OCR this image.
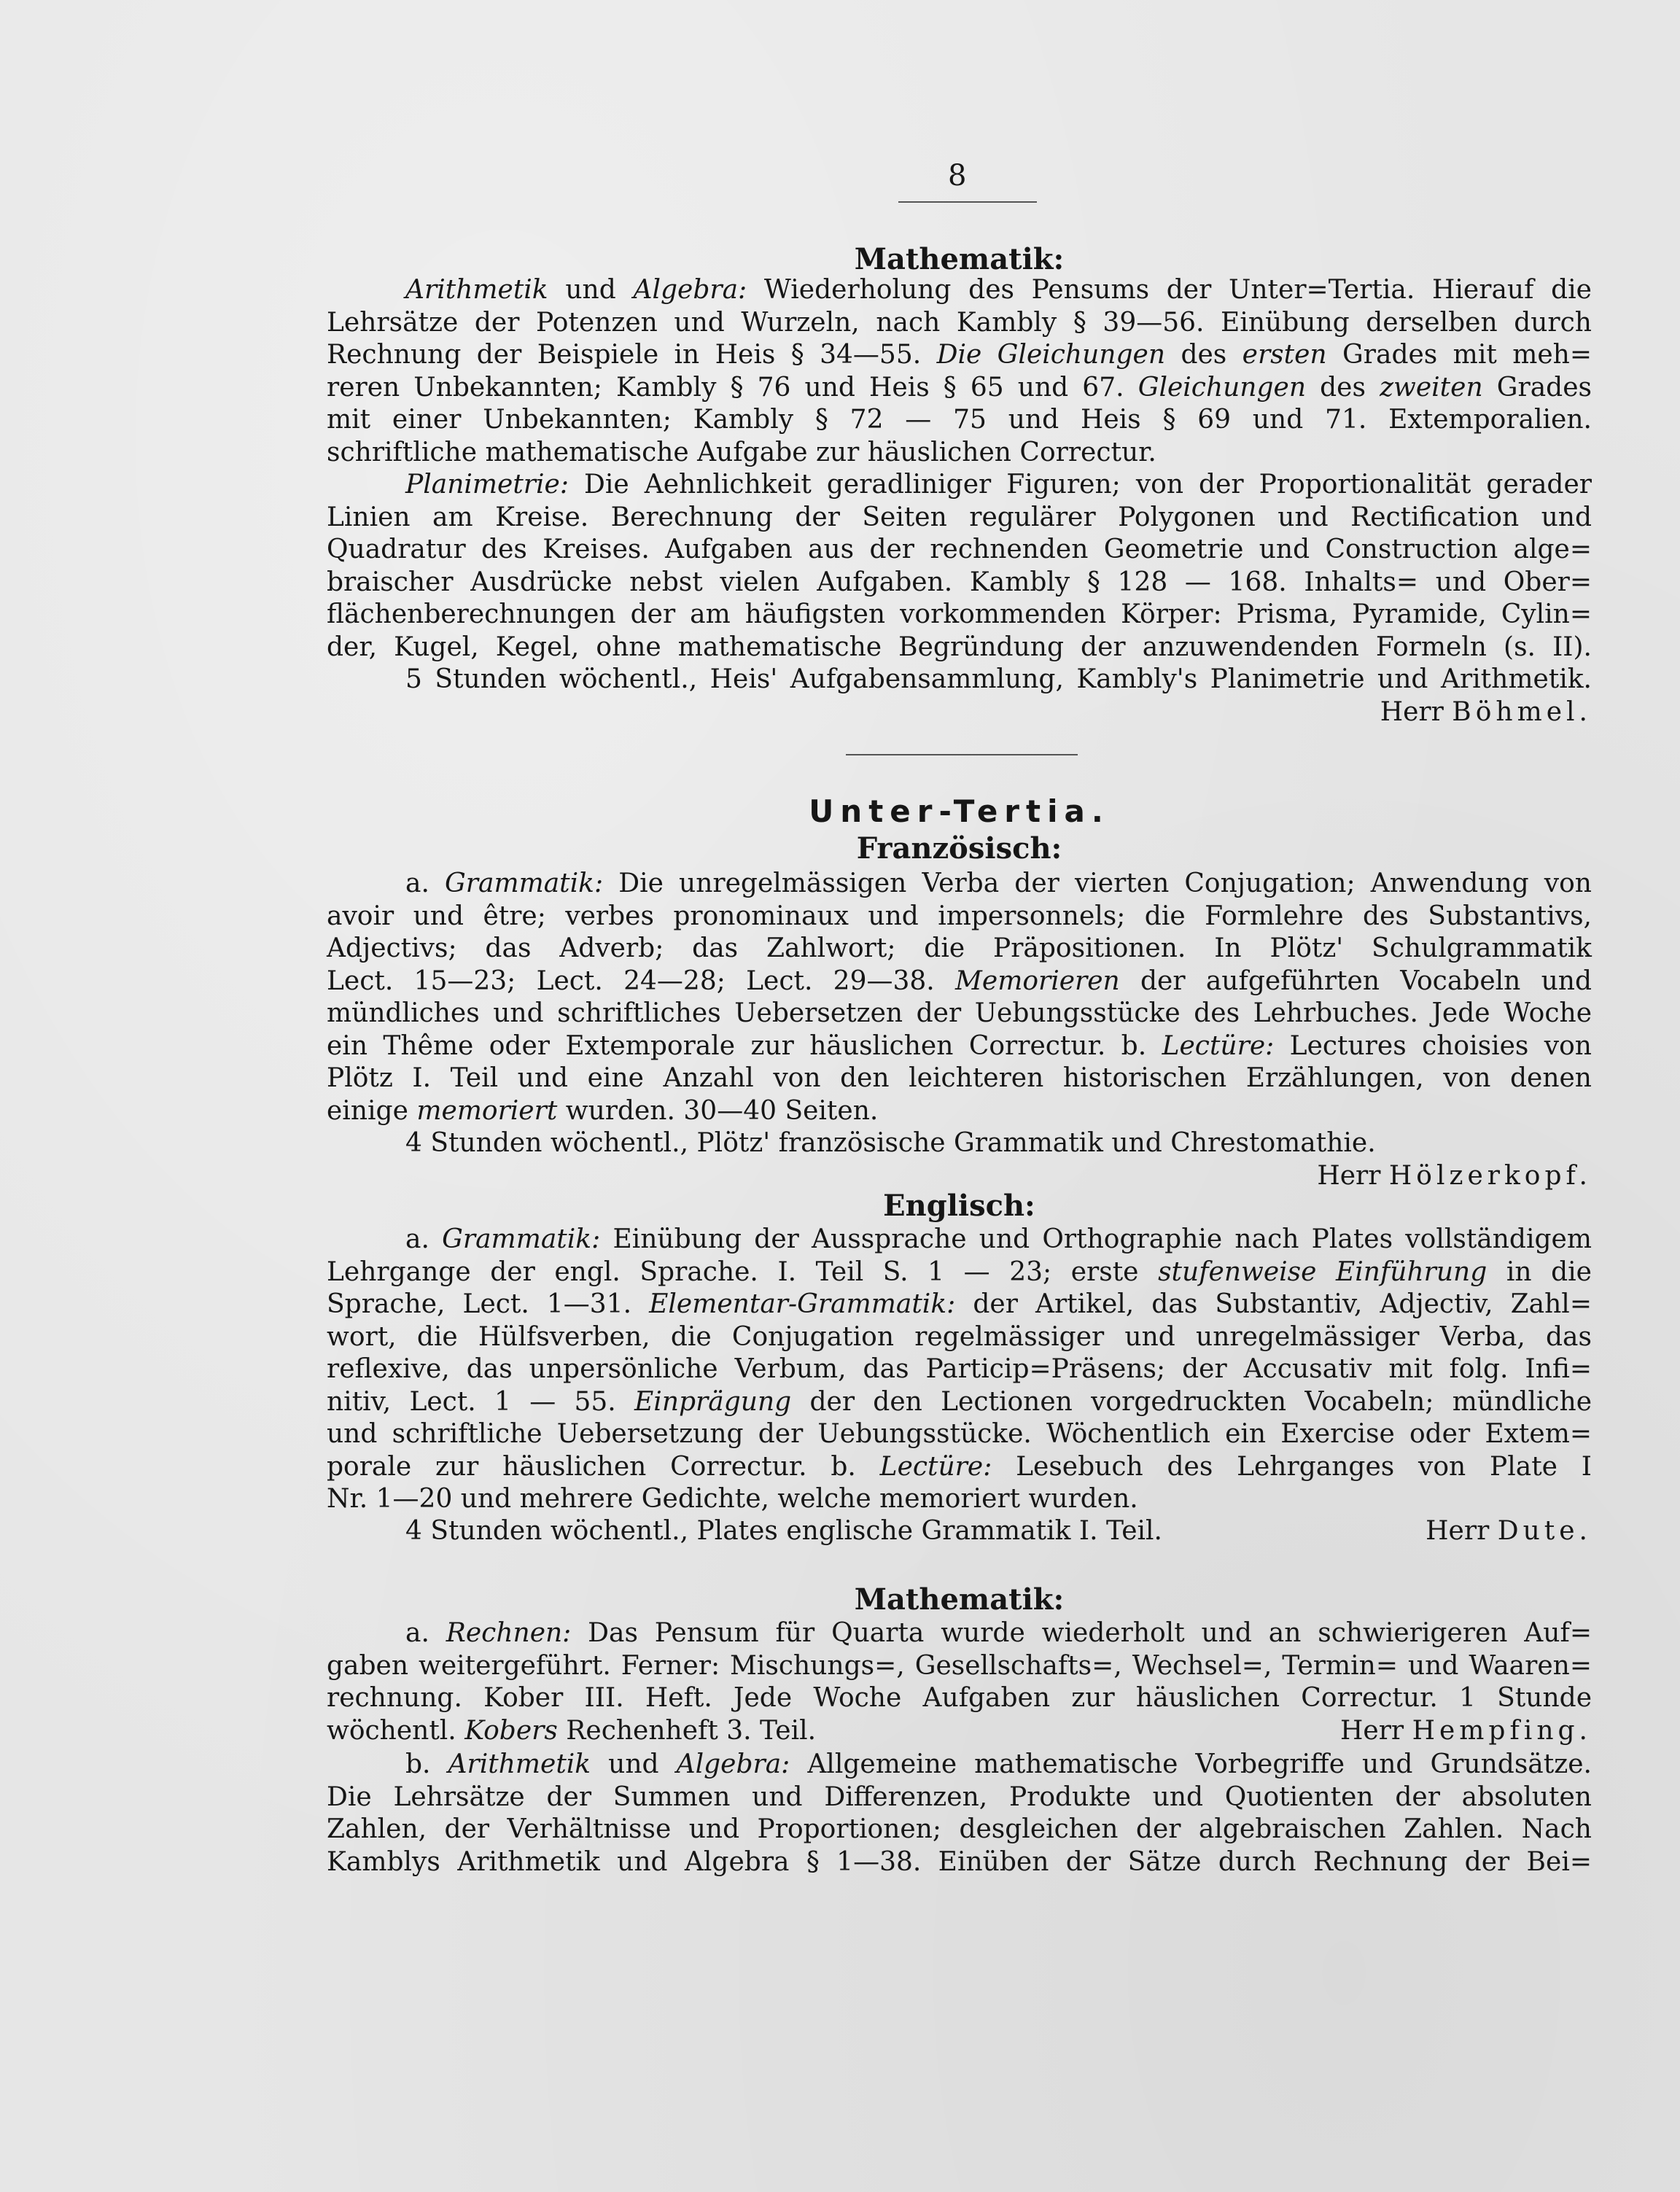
8
Mathematik:
Arithmetik und Algebra: Wiederholung des Pensums der Unter=Tertia. Hierauf die
Lehrsätze der Potenzen und Wurzeln, nach Kambly § 39—56. Einübung derselben durch
Rechnung der Beispiele in Heis § 34—55. Die Gleichungen des ersten Grades mit meh=
reren Unbekannten; Kambly § 76 und Heis § 65 und 67. Gleichungen des zweiten Grades
mit einer Unbekannten; Kambly § 72 — 75 und Heis § 69 und 71. Extemporalien.
schriftliche mathematische Aufgabe zur häuslichen Correctur.
Planimetrie: Die Aehnlichkeit geradliniger Figuren; von der Proportionalität gerader
Linien am Kreise. Berechnung der Seiten regulärer Polygonen und Rectification und
Quadratur des Kreises. Aufgaben aus der rechnenden Geometrie und Construction alge=
braischer Ausdrücke nebst vielen Aufgaben. Kambly § 128 — 168. Inhalts= und Ober=
flächenberechnungen der am häufigsten vorkommenden Körper: Prisma, Pyramide, Cylin=
der, Kugel, Kegel, ohne mathematische Begründung der anzuwendenden Formeln (s. II).
5 Stunden wöchentl., Heis' Aufgabensammlung, Kambly's Planimetrie und Arithmetik.
Herr Böhmel.
Unter-Tertia.
Französisch:
a. Grammatik: Die unregelmässigen Verba der vierten Conjugation; Anwendung von
avoir und être; verbes pronominaux und impersonnels; die Formlehre des Substantivs,
Adjectivs; das Adverb; das Zahlwort; die Präpositionen. In Plötz' Schulgrammatik
Lect. 15—23; Lect. 24—28; Lect. 29—38. Memorieren der aufgeführten Vocabeln und
mündliches und schriftliches Uebersetzen der Uebungsstücke des Lehrbuches. Jede Woche
ein Thême oder Extemporale zur häuslichen Correctur. b. Lectüre: Lectures choisies von
Plötz I. Teil und eine Anzahl von den leichteren historischen Erzählungen, von denen
einige memoriert wurden. 30—40 Seiten.
4 Stunden wöchentl., Plötz' französische Grammatik und Chrestomathie.
Herr Hölzerkopf.
Englisch:
a. Grammatik: Einübung der Aussprache und Orthographie nach Plates vollständigem
Lehrgange der engl. Sprache. I. Teil S. 1 — 23; erste stufenweise Einführung in die
Sprache, Lect. 1—31. Elementar-Grammatik: der Artikel, das Substantiv, Adjectiv, Zahl=
wort, die Hülfsverben, die Conjugation regelmässiger und unregelmässiger Verba, das
reflexive, das unpersönliche Verbum, das Particip=Präsens; der Accusativ mit folg. Infi=
nitiv, Lect. 1 — 55. Einprägung der den Lectionen vorgedruckten Vocabeln; mündliche
und schriftliche Uebersetzung der Uebungsstücke. Wöchentlich ein Exercise oder Extem=
porale zur häuslichen Correctur. b. Lectüre: Lesebuch des Lehrganges von Plate I
Nr. 1—20 und mehrere Gedichte, welche memoriert wurden.
4 Stunden wöchentl., Plates englische Grammatik I. Teil.	Herr Dute.
Mathematik:
a. Rechnen: Das Pensum für Quarta wurde wiederholt und an schwierigeren Auf=
gaben weitergeführt. Ferner: Mischungs=, Gesellschafts=, Wechsel=, Termin= und Waaren=
rechnung. Kober III. Heft. Jede Woche Aufgaben zur häuslichen Correctur. 1 Stunde
wöchentl. Kobers Rechenheft 3. Teil.	Herr Hempfing.
b. Arithmetik und Algebra: Allgemeine mathematische Vorbegriffe und Grundsätze.
Die Lehrsätze der Summen und Differenzen, Produkte und Quotienten der absoluten
Zahlen, der Verhältnisse und Proportionen; desgleichen der algebraischen Zahlen. Nach
Kamblys Arithmetik und Algebra § 1—38. Einüben der Sätze durch Rechnung der Bei=
